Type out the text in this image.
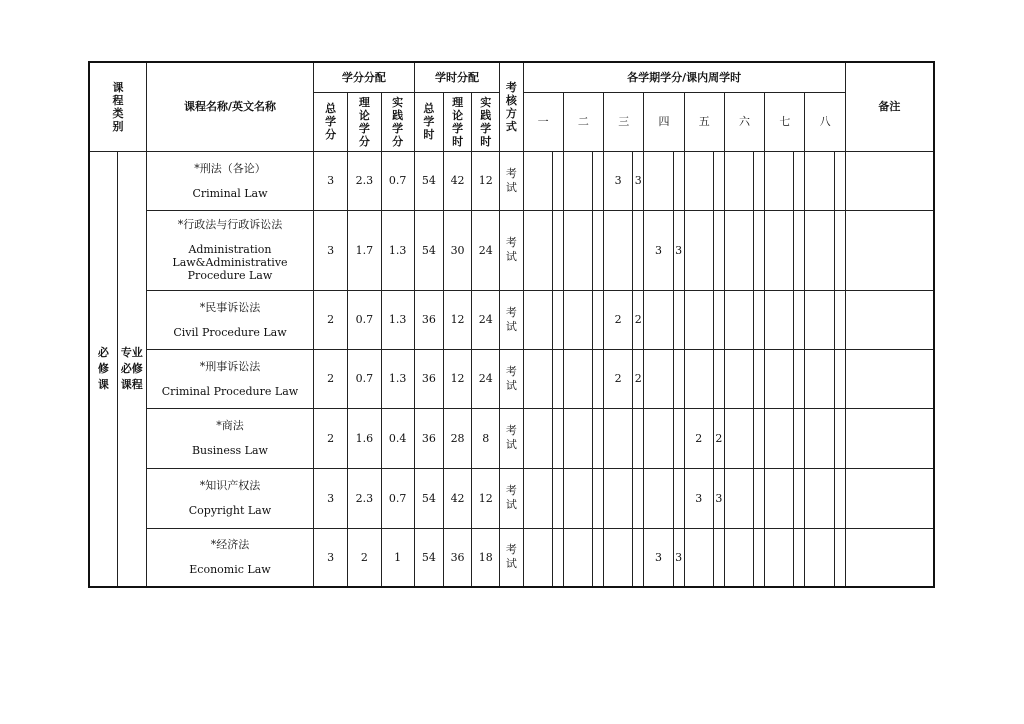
课程类别		课程名称/英文名称	学分分配			学时分配			考核方式	各学期学分/课内周学时																备注

			总学分	理论学分	实践学分	总学时	理论学时	实践学时		一		二		三		四		五		六		七		八		

必修课	专业必修课程	*刑法（各论）
Criminal Law	3	2.3	0.7	54	42	12	考试					3	3											

		*行政法与行政诉讼法
Administration Law&Administrative Procedure Law	3	1.7	1.3	54	30	24	考试							3	3									

		*民事诉讼法
Civil Procedure Law	2	0.7	1.3	36	12	24	考试					2	2											

		*刑事诉讼法
Criminal Procedure Law	2	0.7	1.3	36	12	24	考试					2	2											

		*商法
Business Law	2	1.6	0.4	36	28	8	考试									2	2							

		*知识产权法
Copyright Law	3	2.3	0.7	54	42	12	考试									3	3							

		*经济法
Economic Law	3	2	1	54	36	18	考试							3	3									
